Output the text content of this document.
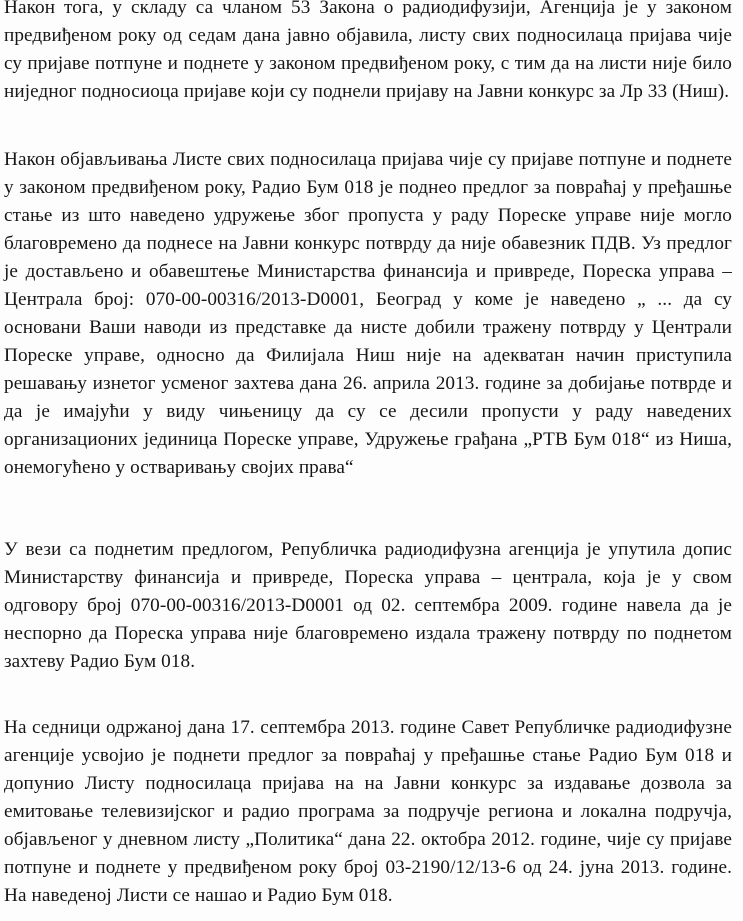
Након тога, у складу са чланом 53 Закона о радиодифузији, Агенција је у законом
предвиђеном року од седам дана јавно објавила, листу свих подносилаца пријава чије
су пријаве потпуне и поднете у законом предвиђеном року, с тим да на листи није било
ниједног подносиоца пријаве који су поднели пријаву на Јавни конкурс за Лр 33 (Ниш).
Након објављивања Листе свих подносилаца пријава чије су пријаве потпуне и поднете
у законом предвиђеном року, Радио Бум 018 је поднео предлог за повраћај у пређашње
стање из што наведено удружење због пропуста у раду Пореске управе није могло
благовремено да поднесе на Јавни конкурс потврду да није обавезник ПДВ. Уз предлог
је достављено и обавештење Министарства финансија и привреде, Пореска управа –
Централа број: 070-00-00316/2013-D0001, Београд у коме је наведено „ ... да су
основани Ваши наводи из представке да нисте добили тражену потврду у Централи
Пореске управе, односно да Филијала Ниш није на адекватан начин приступила
решавању изнетог усменог захтева дана 26. априла 2013. године за добијање потврде и
да је имајући у виду чињеницу да су се десили пропусти у раду наведених
организационих јединица Пореске управе, Удружење грађана „РТВ Бум 018“ из Ниша,
онемогућено у остваривању својих права“
У вези са поднетим предлогом, Републичка радиодифузна агенција је упутила допис
Министарству финансија и привреде, Пореска управа – централа, која је у свом
одговору број 070-00-00316/2013-D0001 од 02. септембра 2009. године навела да је
неспорно да Пореска управа није благовремено издала тражену потврду по поднетом
захтеву Радио Бум 018.
На седници одржаној дана 17. септембра 2013. године Савет Републичке радиодифузне
агенције усвојио је поднети предлог за повраћај у пређашње стање Радио Бум 018 и
допунио Листу подносилаца пријава на на Јавни конкурс за издавање дозвола за
емитовање телевизијског и радио програма за подручје региона и локална подручја,
објављеног у дневном листу „Политика“ дана 22. октобра 2012. године, чије су пријаве
потпуне и поднете у предвиђеном року број 03-2190/12/13-6 од 24. јуна 2013. године.
На наведеној Листи се нашао и Радио Бум 018.
